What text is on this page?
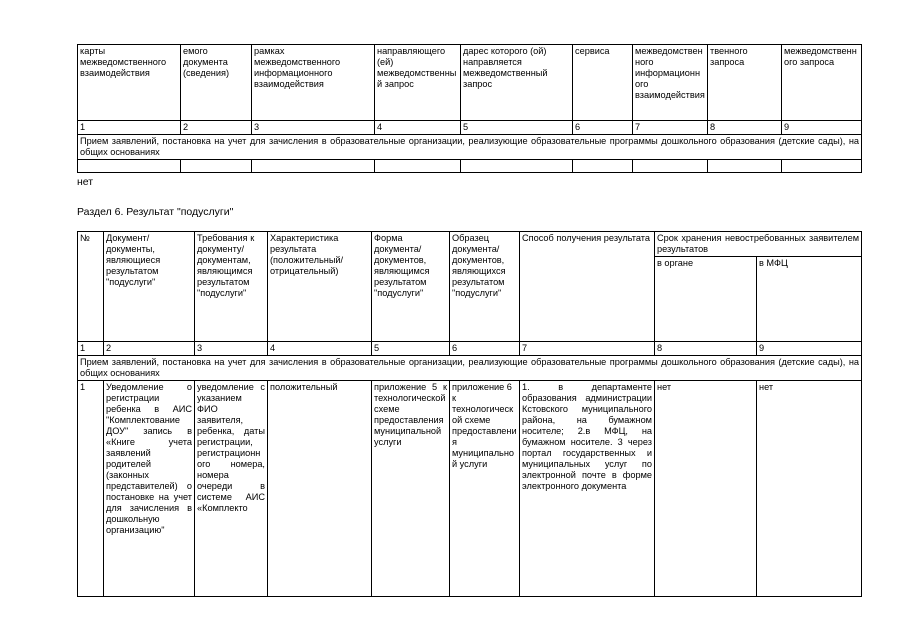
карты межведомственного взаимодействия	емого документа (сведения)	рамках межведомственного информационного взаимодействия	направляющего (ей) межведомственный запрос	дарес которого (ой) направляется межведомственный запрос	сервиса	межведомственного информационного взаимодействия	твенного запроса	межведомственного запроса
1	2	3	4	5	6	7	8	9
Прием заявлений, постановка на учет для зачисления в образовательные организации, реализующие образовательные программы дошкольного образования (детские сады), на общих основаниях								

нет
Раздел 6. Результат "подуслуги"
№	Документ/документы, являющиеся результатом "подуслуги"	Требования к документу/документам, являющимся результатом "подуслуги"	Характеристика результата (положительный/отрицательный)	Форма документа/документов, являющимся результатом "подуслуги"	Образец документа/документов, являющихся результатом "подуслуги"	Способ получения результата	Срок хранения невостребованных заявителем результатов	
							в органе	в МФЦ
1	2	3	4	5	6	7	8	9
Прием заявлений, постановка на учет для зачисления в образовательные организации, реализующие образовательные программы дошкольного образования (детские сады), на общих основаниях								
1	Уведомление о регистрации ребенка в АИС "Комплектование ДОУ" запись в «Книге учета заявлений родителей (законных представителей) о постановке на учет для зачисления в дошкольную организацию"	уведомление с указанием ФИО заявителя, ребенка, даты регистрации, регистрационного номера, номера очереди в системе АИС «Комплекто	положительный	приложение 5 к технологической схеме предоставления муниципальной услуги	приложение 6 к технологической схеме предоставления муниципальной услуги	1. в департаменте образования администрации Кстовского муниципального района, на бумажном носителе; 2.в МФЦ, на бумажном носителе. 3 через портал государственных и муниципальных услуг по электронной почте в форме электронного документа	нет	нет
